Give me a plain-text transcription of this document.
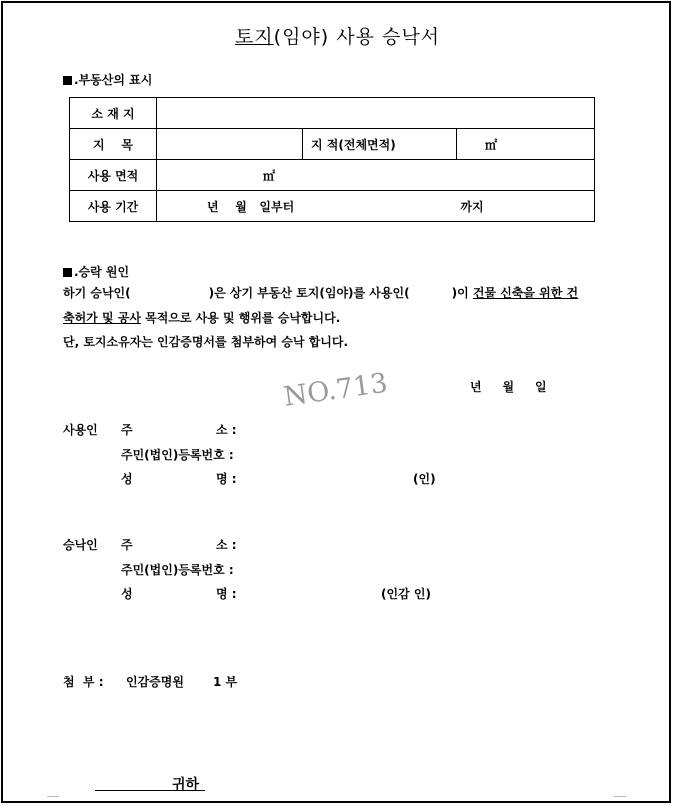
토지(임야) 사용 승낙서
.부동산의 표시
소 재 지			
지    목		지 적(전체면적)	㎡
사용 면적	㎡		
사용 기간	년    월   일부터 까지		
.승락 원인
하기 승낙인(	)은 상기 부동산 토지(임야)를 사용인(	)이 건물 신축을 위한 건
축허가 및 공사 목적으로 사용 및 행위를 승낙합니다.
단, 토지소유자는 인감증명서를 첨부하여 승낙 합니다.
년     월     일
NO.713
사용인 주	소 :
주민(법인)등록번호 :
성	명 :	(인)
승낙인 주	소 :
주민(법인)등록번호 :
성	명 :	(인감 인)
첨  부 : 인감증명원 1 부
귀하
